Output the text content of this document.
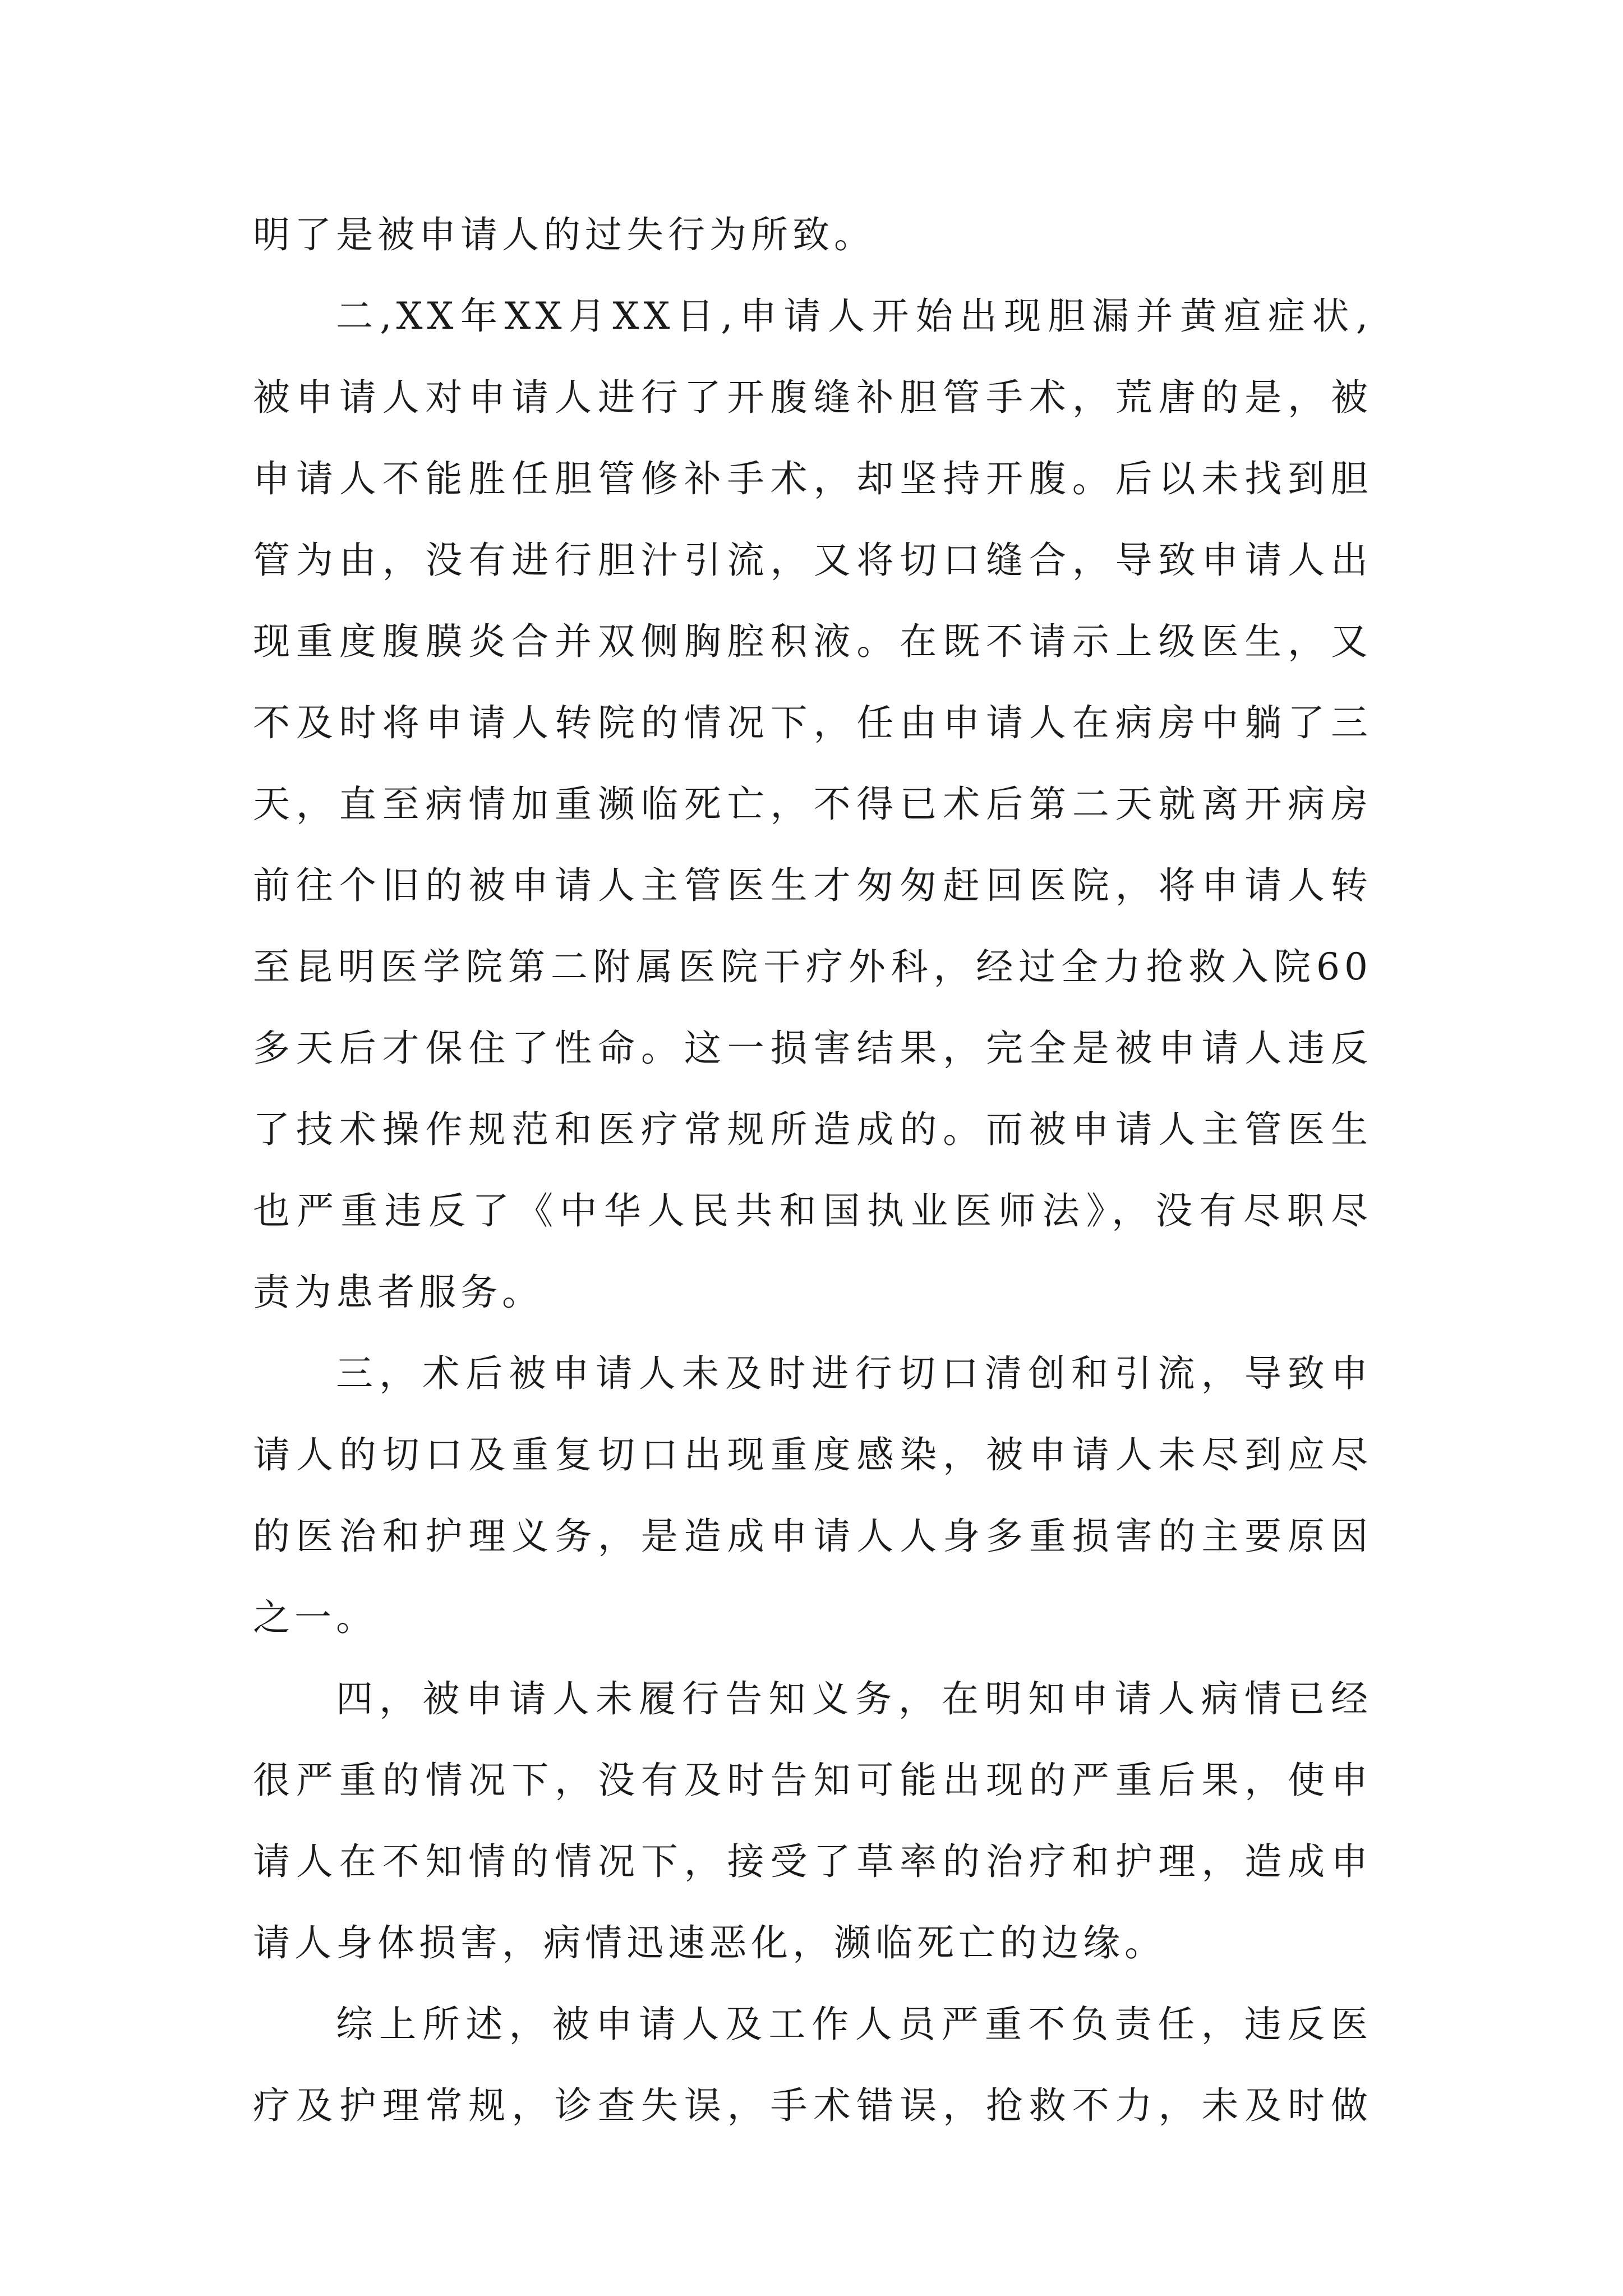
明了是被申请人的过失行为所致。
二,XX年XX月XX日,申请人开始出现胆漏并黄疸症状,
被申请人对申请人进行了开腹缝补胆管手术，荒唐的是，被
申请人不能胜任胆管修补手术，却坚持开腹。后以未找到胆
管为由，没有进行胆汁引流，又将切口缝合，导致申请人出
现重度腹膜炎合并双侧胸腔积液。在既不请示上级医生，又
不及时将申请人转院的情况下，任由申请人在病房中躺了三
天，直至病情加重濒临死亡，不得已术后第二天就离开病房
前往个旧的被申请人主管医生才匆匆赶回医院，将申请人转
至昆明医学院第二附属医院干疗外科，经过全力抢救入院60
多天后才保住了性命。这一损害结果，完全是被申请人违反
了技术操作规范和医疗常规所造成的。而被申请人主管医生
也严重违反了《中华人民共和国执业医师法》，没有尽职尽
责为患者服务。
三，术后被申请人未及时进行切口清创和引流，导致申
请人的切口及重复切口出现重度感染，被申请人未尽到应尽
的医治和护理义务，是造成申请人人身多重损害的主要原因
之一。
四，被申请人未履行告知义务，在明知申请人病情已经
很严重的情况下，没有及时告知可能出现的严重后果，使申
请人在不知情的情况下，接受了草率的治疗和护理，造成申
请人身体损害，病情迅速恶化，濒临死亡的边缘。
综上所述，被申请人及工作人员严重不负责任，违反医
疗及护理常规，诊查失误，手术错误，抢救不力，未及时做
